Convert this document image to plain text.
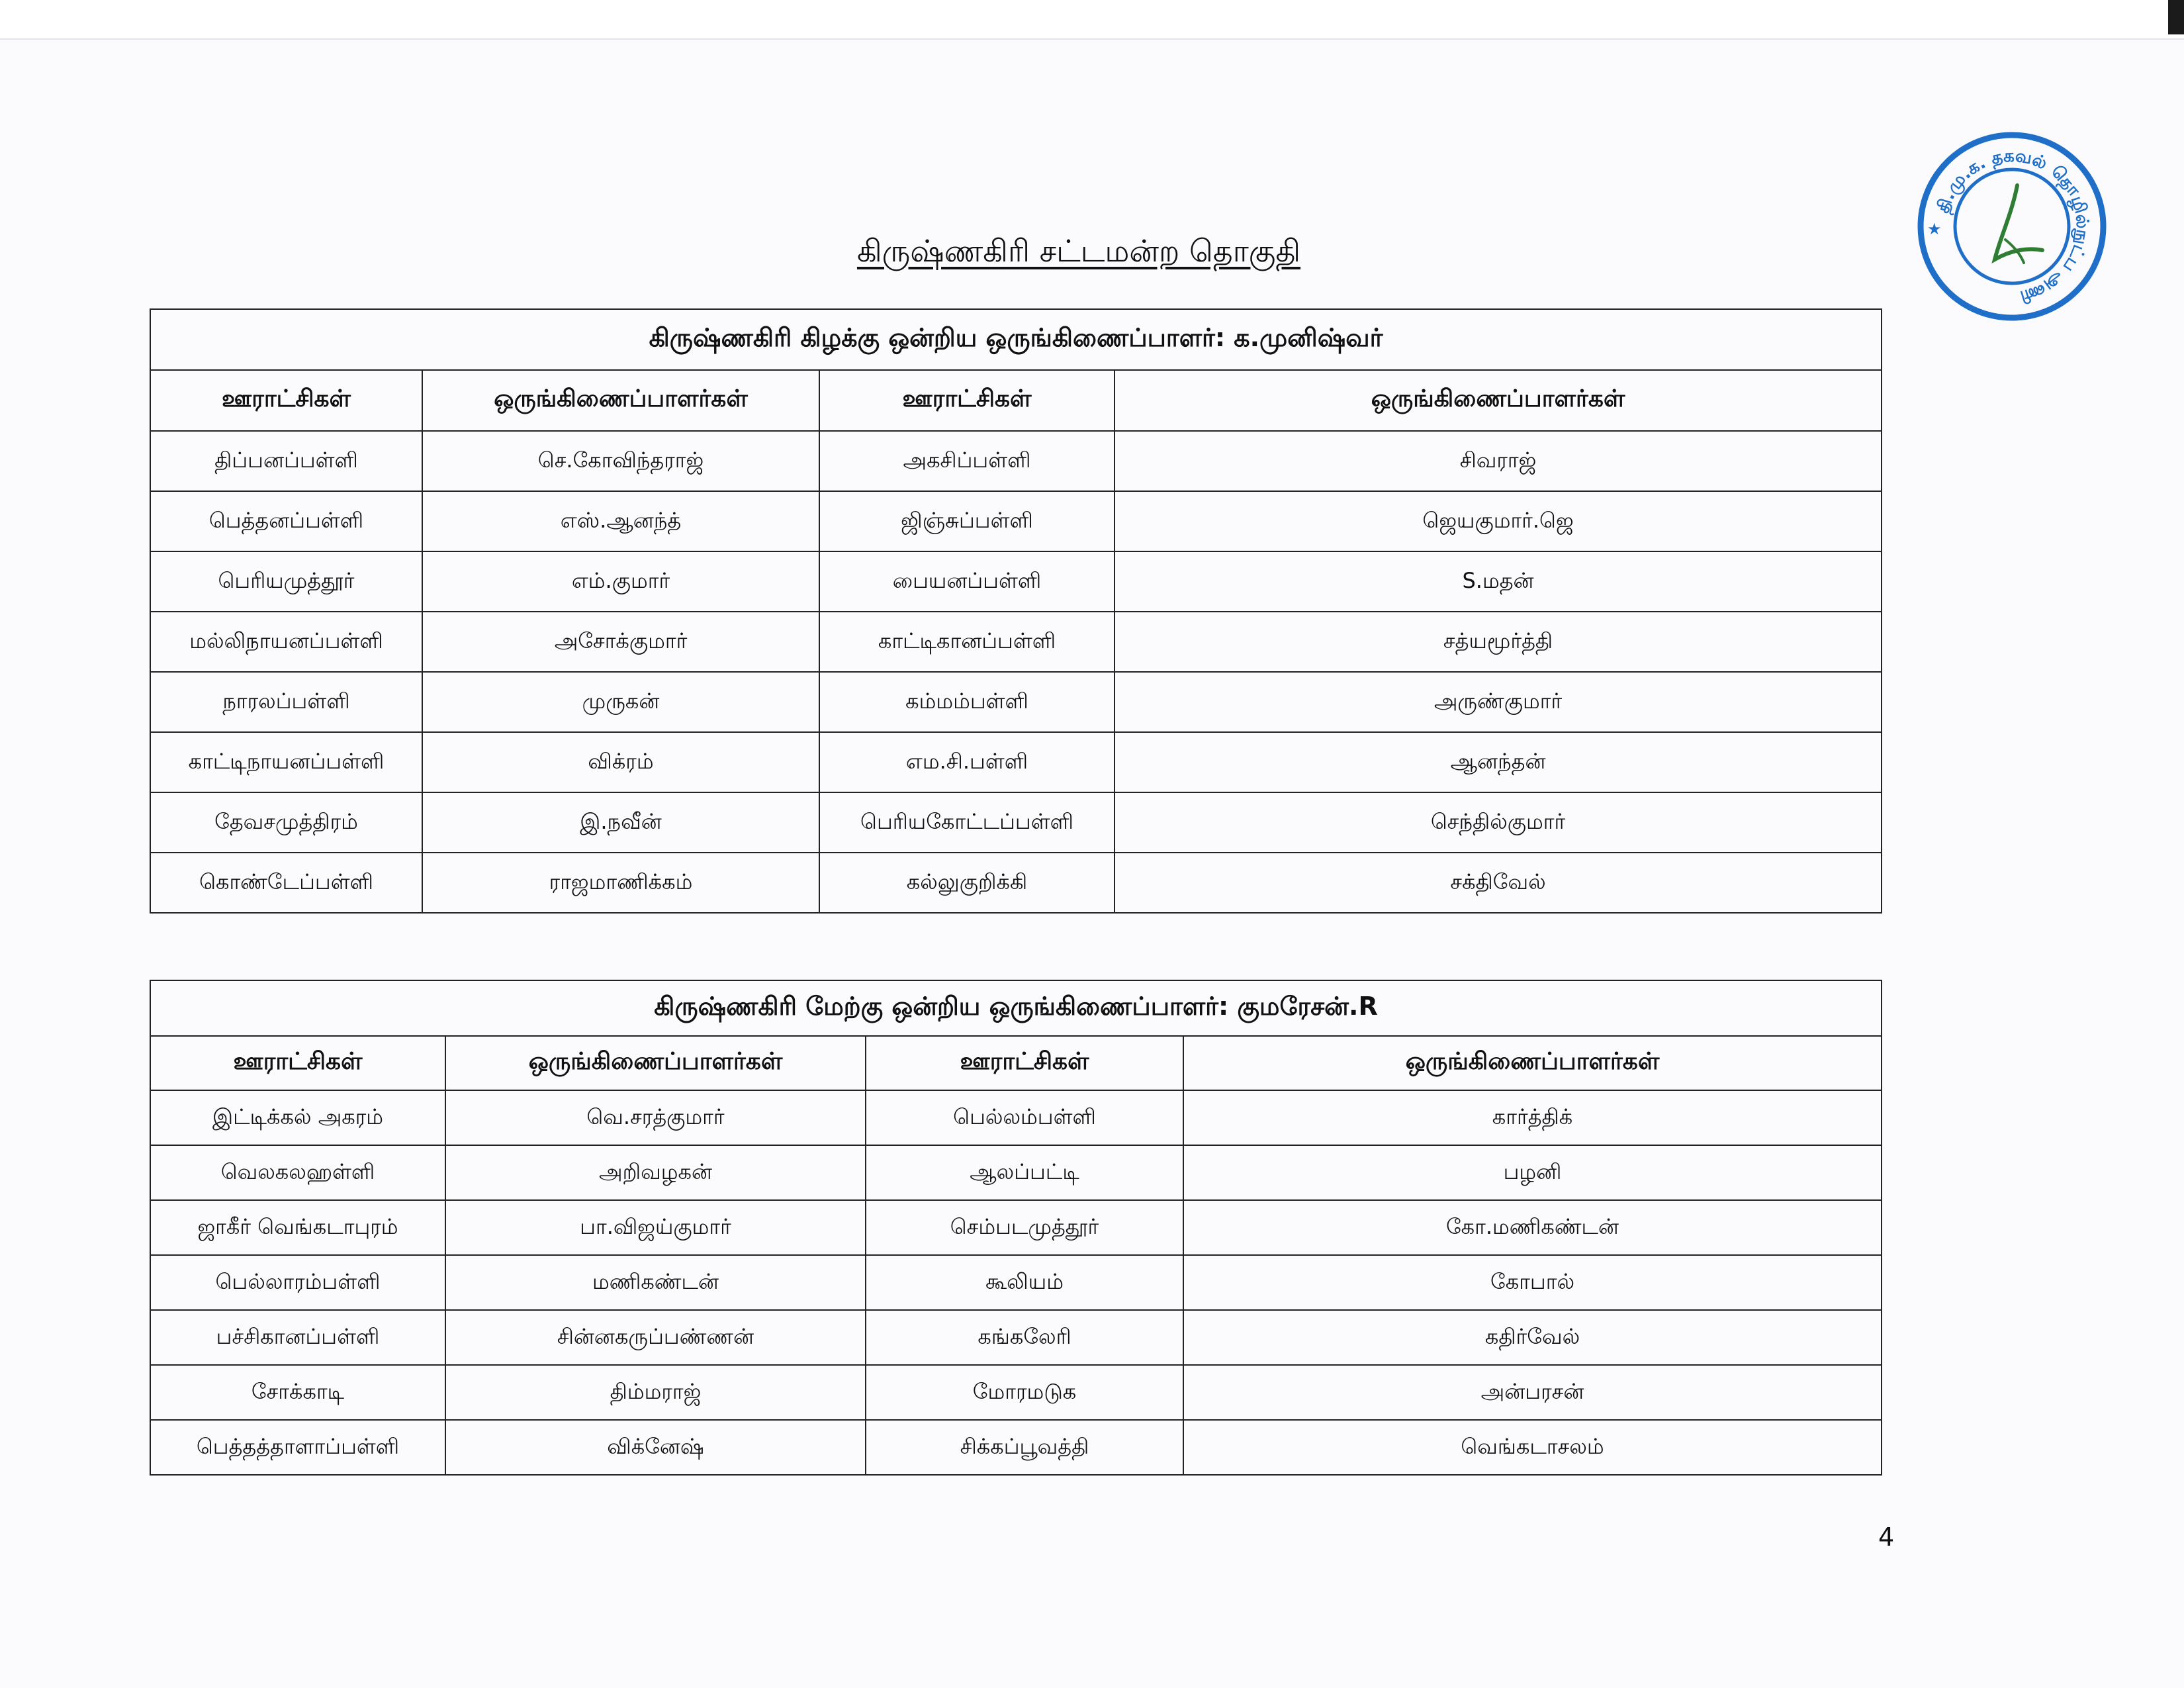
கிருஷ்ணகிரி சட்டமன்ற தொகுதி
தி.மு.க. தகவல் தொழில்நுட்ப அணி
★
கிருஷ்ணகிரி கிழக்கு ஒன்றிய ஒருங்கிணைப்பாளர்: க.முனிஷ்வர்			
ஊராட்சிகள்	ஒருங்கிணைப்பாளர்கள்	ஊராட்சிகள்	ஒருங்கிணைப்பாளர்கள்
திப்பனப்பள்ளி	செ.கோவிந்தராஜ்	அகசிப்பள்ளி	சிவராஜ்
பெத்தனப்பள்ளி	எஸ்.ஆனந்த்	ஜிஞ்சுப்பள்ளி	ஜெயகுமார்.ஜெ
பெரியமுத்தூர்	எம்.குமார்	பையனப்பள்ளி	S.மதன்
மல்லிநாயனப்பள்ளி	அசோக்குமார்	காட்டிகானப்பள்ளி	சத்யமூர்த்தி
நாரலப்பள்ளி	முருகன்	கம்மம்பள்ளி	அருண்குமார்
காட்டிநாயனப்பள்ளி	விக்ரம்	எம.சி.பள்ளி	ஆனந்தன்
தேவசமுத்திரம்	இ.நவீன்	பெரியகோட்டப்பள்ளி	செந்தில்குமார்
கொண்டேப்பள்ளி	ராஜமாணிக்கம்	கல்லுகுறிக்கி	சக்திவேல்
கிருஷ்ணகிரி மேற்கு ஒன்றிய ஒருங்கிணைப்பாளர்: குமரேசன்.R			
ஊராட்சிகள்	ஒருங்கிணைப்பாளர்கள்	ஊராட்சிகள்	ஒருங்கிணைப்பாளர்கள்
இட்டிக்கல் அகரம்	வெ.சரத்குமார்	பெல்லம்பள்ளி	கார்த்திக்
வெலகலஹள்ளி	அறிவழகன்	ஆலப்பட்டி	பழனி
ஜாகீர் வெங்கடாபுரம்	பா.விஜய்குமார்	செம்படமுத்தூர்	கோ.மணிகண்டன்
பெல்லாரம்பள்ளி	மணிகண்டன்	கூலியம்	கோபால்
பச்சிகானப்பள்ளி	சின்னகருப்பண்ணன்	கங்கலேரி	கதிர்வேல்
சோக்காடி	திம்மராஜ்	மோரமடுக	அன்பரசன்
பெத்தத்தாளாப்பள்ளி	விக்னேஷ்	சிக்கப்பூவத்தி	வெங்கடாசலம்
4
